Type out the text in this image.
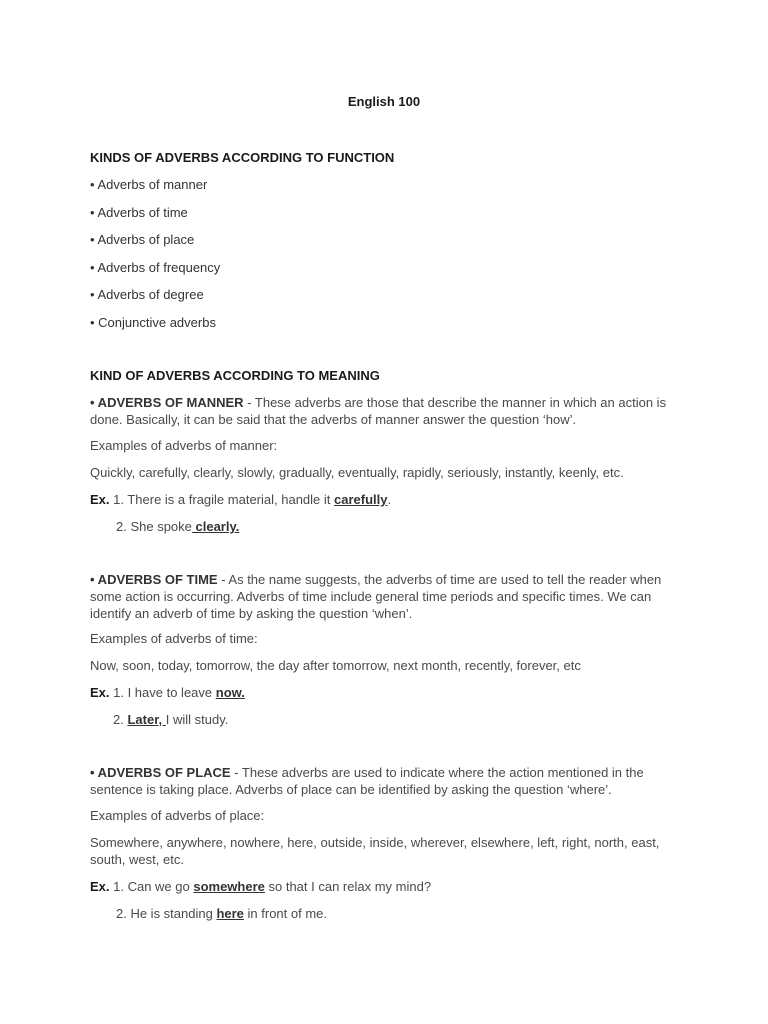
English 100
KINDS OF ADVERBS ACCORDING TO FUNCTION
• Adverbs of manner
• Adverbs of time
• Adverbs of place
• Adverbs of frequency
• Adverbs of degree
• Conjunctive adverbs
KIND OF ADVERBS ACCORDING TO MEANING
• ADVERBS OF MANNER - These adverbs are those that describe the manner in which an action is done. Basically, it can be said that the adverbs of manner answer the question ‘how’.
Examples of adverbs of manner:
Quickly, carefully, clearly, slowly, gradually, eventually, rapidly, seriously, instantly, keenly, etc.
Ex. 1. There is a fragile material, handle it carefully.
2. She spoke clearly.
• ADVERBS OF TIME - As the name suggests, the adverbs of time are used to tell the reader when some action is occurring. Adverbs of time include general time periods and specific times. We can identify an adverb of time by asking the question ‘when’.
Examples of adverbs of time:
Now, soon, today, tomorrow, the day after tomorrow, next month, recently, forever, etc
Ex. 1. I have to leave now.
2. Later, I will study.
• ADVERBS OF PLACE - These adverbs are used to indicate where the action mentioned in the sentence is taking place. Adverbs of place can be identified by asking the question ‘where’.
Examples of adverbs of place:
Somewhere, anywhere, nowhere, here, outside, inside, wherever, elsewhere, left, right, north, east, south, west, etc.
Ex. 1. Can we go somewhere so that I can relax my mind?
2. He is standing here in front of me.
